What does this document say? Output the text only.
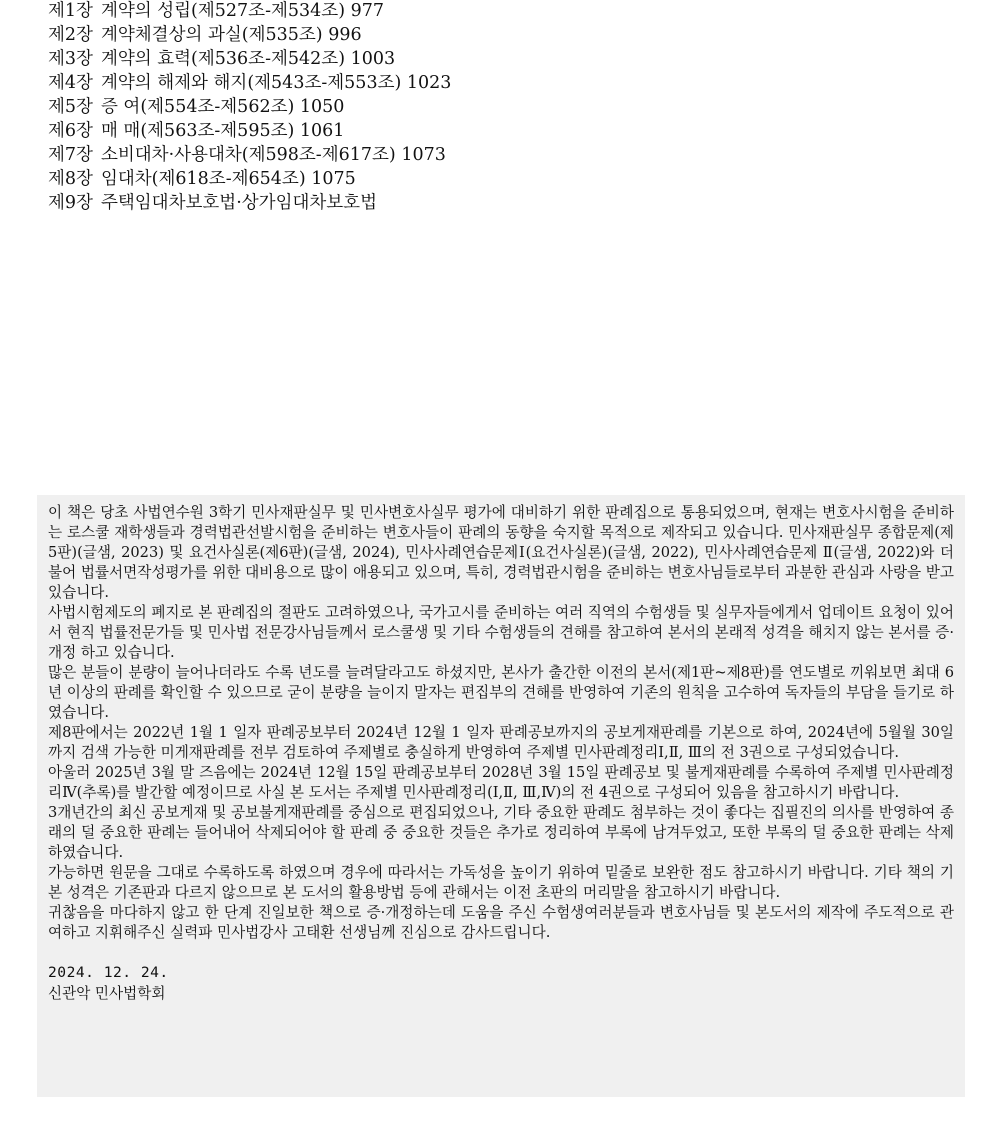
제1장 계약의 성립(제527조-제534조) 977
제2장 계약체결상의 과실(제535조) 996
제3장 계약의 효력(제536조-제542조) 1003
제4장 계약의 해제와 해지(제543조-제553조) 1023
제5장 증 여(제554조-제562조) 1050
제6장 매 매(제563조-제595조) 1061
제7장 소비대차·사용대차(제598조-제617조) 1073
제8장 임대차(제618조-제654조) 1075
제9장 주택임대차보호법·상가임대차보호법

이 책은 당초 사법연수원 3학기 민사재판실무 및 민사변호사실무 평가에 대비하기 위한 판례집으로 통용되었으며, 현재는 변호사시험을 준비하는 로스쿨 재학생들과 경력법관선발시험을 준비하는 변호사들이 판례의 동향을 숙지할 목적으로 제작되고 있습니다. 민사재판실무 종합문제(제5판)(글샘, 2023) 및 요건사실론(제6판)(글샘, 2024), 민사사례연습문제Ⅰ(요건사실론)(글샘, 2022), 민사사례연습문제 Ⅱ(글샘, 2022)와 더불어 법률서면작성평가를 위한 대비용으로 많이 애용되고 있으며, 특히, 경력법관시험을 준비하는 변호사님들로부터 과분한 관심과 사랑을 받고 있습니다.

사법시험제도의 폐지로 본 판례집의 절판도 고려하였으나, 국가고시를 준비하는 여러 직역의 수험생들 및 실무자들에게서 업데이트 요청이 있어서 현직 법률전문가들 및 민사법 전문강사님들께서 로스쿨생 및 기타 수험생들의 견해를 참고하여 본서의 본래적 성격을 해치지 않는 본서를 증·개정 하고 있습니다.

많은 분들이 분량이 늘어나더라도 수록 년도를 늘려달라고도 하셨지만, 본사가 출간한 이전의 본서(제1판~제8판)를 연도별로 끼워보면 최대 6년 이상의 판례를 확인할 수 있으므로 굳이 분량을 늘이지 말자는 편집부의 견해를 반영하여 기존의 원칙을 고수하여 독자들의 부담을 들기로 하였습니다.

제8판에서는 2022년 1월 1 일자 판례공보부터 2024년 12월 1 일자 판례공보까지의 공보게재판례를 기본으로 하여, 2024년에 5월월 30일까지 검색 가능한 미게재판례를 전부 검토하여 주제별로 충실하게 반영하여 주제별 민사판례정리Ⅰ,Ⅱ, Ⅲ의 전 3권으로 구성되었습니다.

아울러 2025년 3월 말 즈음에는 2024년 12월 15일 판례공보부터 2028년 3월 15일 판례공보 및 불게재판례를 수록하여 주제별 민사판례정리Ⅳ(추록)를 발간할 예정이므로 사실 본 도서는 주제별 민사판례정리(Ⅰ,Ⅱ, Ⅲ,Ⅳ)의 전 4권으로 구성되어 있음을 참고하시기 바랍니다.

3개년간의 최신 공보게재 및 공보불게재판례를 중심으로 편집되었으나, 기타 중요한 판례도 첨부하는 것이 좋다는 집필진의 의사를 반영하여 종래의 덜 중요한 판례는 들어내어 삭제되어야 할 판례 중 중요한 것들은 추가로 정리하여 부록에 남겨두었고, 또한 부록의 덜 중요한 판례는 삭제하였습니다.

가능하면 원문을 그대로 수록하도록 하였으며 경우에 따라서는 가독성을 높이기 위하여 밑줄로 보완한 점도 참고하시기 바랍니다. 기타 책의 기본 성격은 기존판과 다르지 않으므로 본 도서의 활용방법 등에 관해서는 이전 초판의 머리말을 참고하시기 바랍니다.

귀찮음을 마다하지 않고 한 단계 진일보한 책으로 증·개정하는데 도움을 주신 수험생여러분들과 변호사님들 및 본도서의 제작에 주도적으로 관여하고 지휘해주신 실력파 민사법강사 고태환 선생님께 진심으로 감사드립니다.

2024. 12. 24.
신관악 민사법학회
